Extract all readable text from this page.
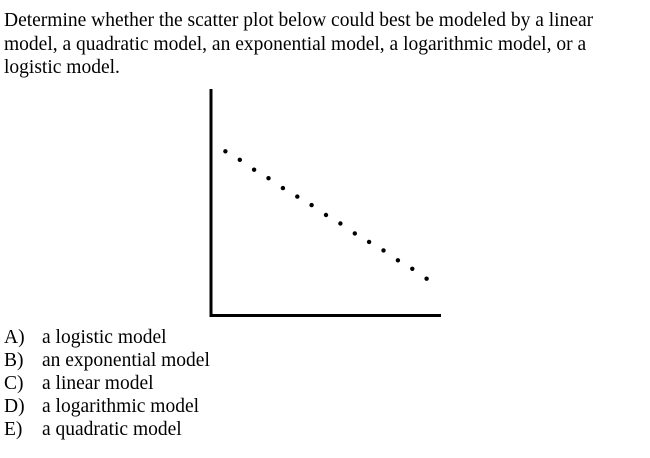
Determine whether the scatter plot below could best be modeled by a linear model, a quadratic model, an exponential model, a logarithmic model, or a logistic model.

A) a logistic model
B) an exponential model
C) a linear model
D) a logarithmic model
E)	a quadratic model
